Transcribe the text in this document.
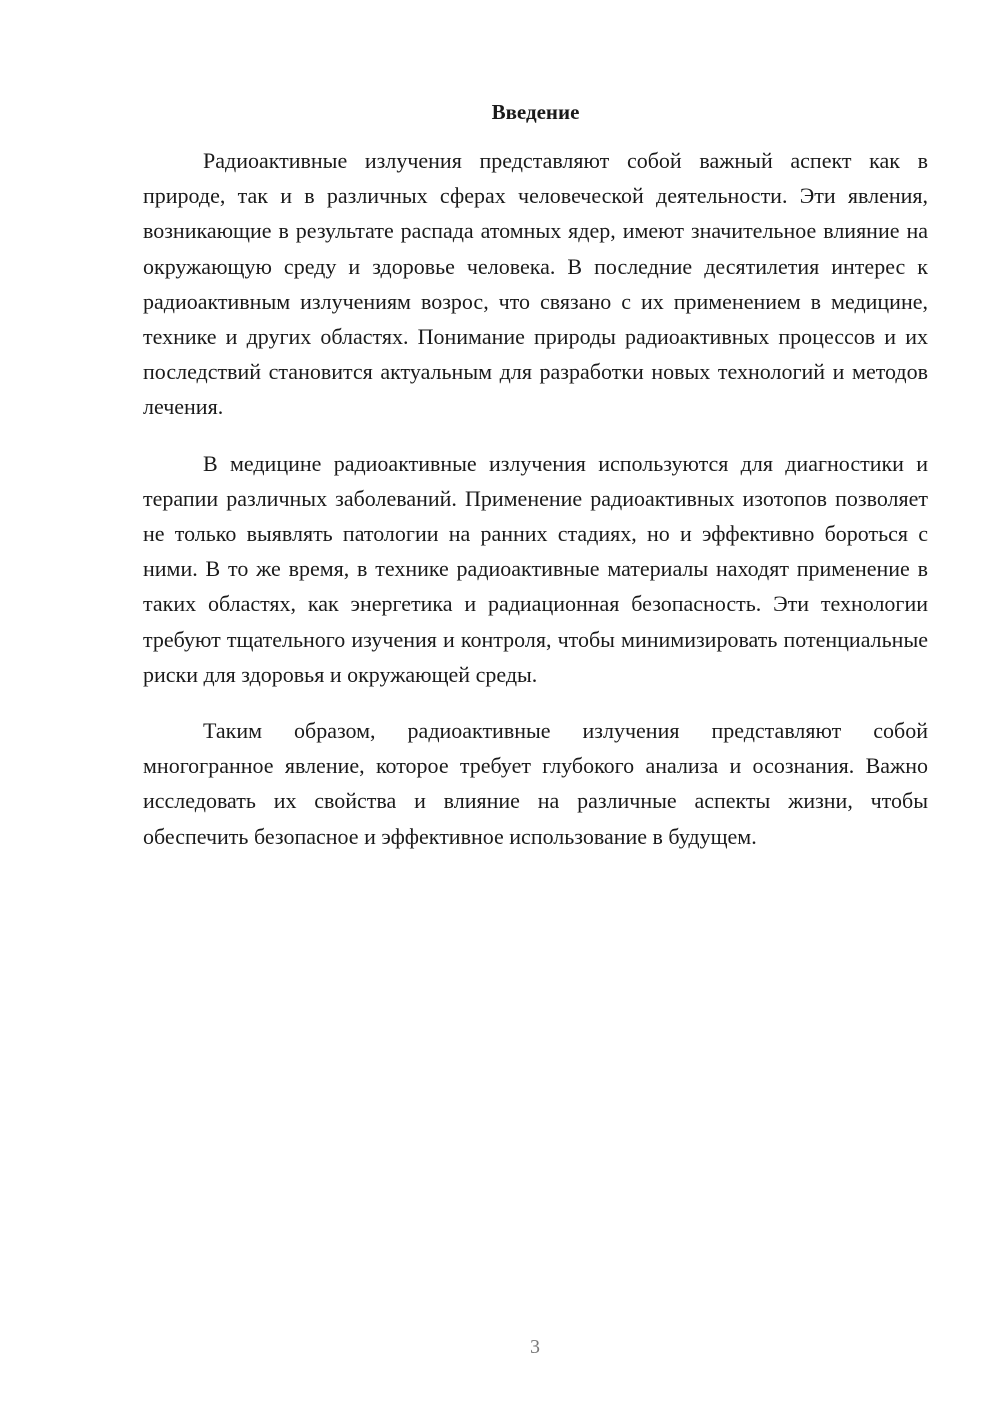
Введение

Радиоактивные излучения представляют собой важный аспект как в природе, так и в различных сферах человеческой деятельности. Эти явления, возникающие в результате распада атомных ядер, имеют значительное влияние на окружающую среду и здоровье человека. В последние десятилетия интерес к радиоактивным излучениям возрос, что связано с их применением в медицине, технике и других областях. Понимание природы радиоактивных процессов и их последствий становится актуальным для разработки новых технологий и методов лечения.

В медицине радиоактивные излучения используются для диагностики и терапии различных заболеваний. Применение радиоактивных изотопов позволяет не только выявлять патологии на ранних стадиях, но и эффективно бороться с ними. В то же время, в технике радиоактивные материалы находят применение в таких областях, как энергетика и радиационная безопасность. Эти технологии требуют тщательного изучения и контроля, чтобы минимизировать потенциальные риски для здоровья и окружающей среды.

Таким образом, радиоактивные излучения представляют собой многогранное явление, которое требует глубокого анализа и осознания. Важно исследовать их свойства и влияние на различные аспекты жизни, чтобы обеспечить безопасное и эффективное использование в будущем.

3
